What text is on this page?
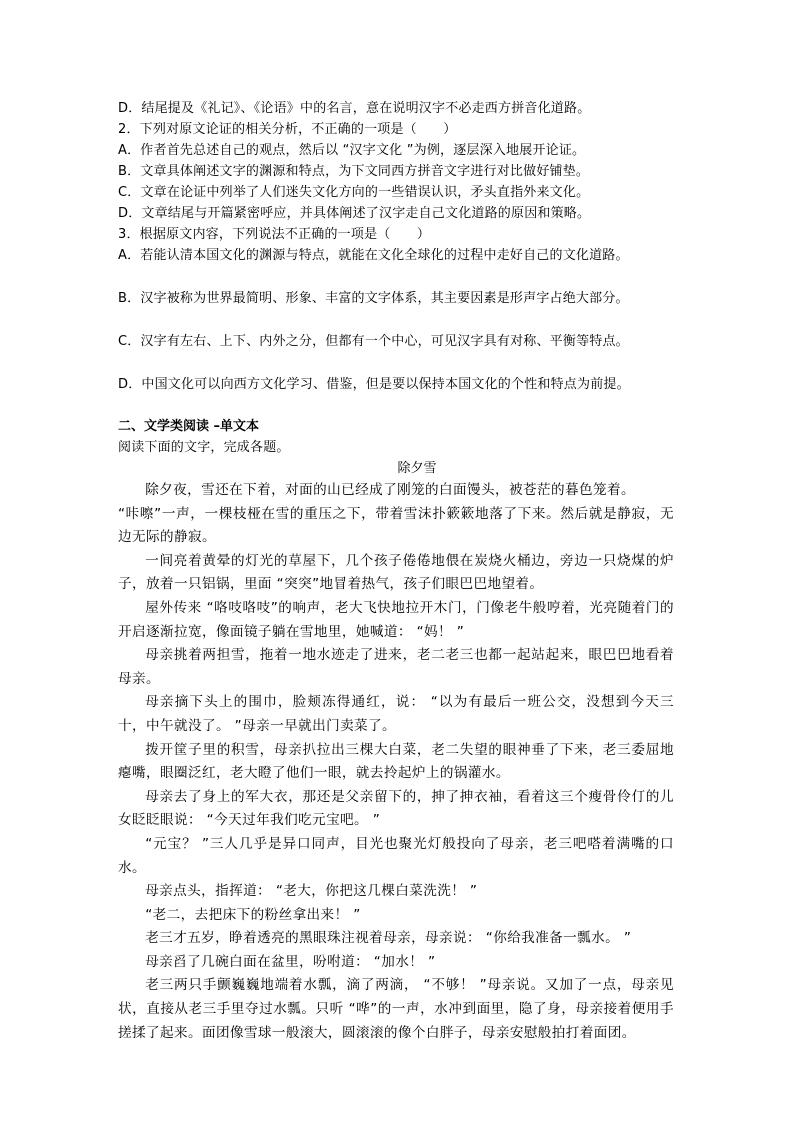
D．结尾提及《礼记》、《论语》中的名言，意在说明汉字不必走西方拼音化道路。
2．下列对原文论证的相关分析，不正确的一项是（　　）
A．作者首先总述自己的观点，然后以 “汉字文化 ”为例，逐层深入地展开论证。
B．文章具体阐述文字的渊源和特点，为下文同西方拼音文字进行对比做好铺垫。
C．文章在论证中列举了人们迷失文化方向的一些错误认识，矛头直指外来文化。
D．文章结尾与开篇紧密呼应，并具体阐述了汉字走自己文化道路的原因和策略。
3．根据原文内容，下列说法不正确的一项是（　　）
A．若能认清本国文化的渊源与特点，就能在文化全球化的过程中走好自己的文化道路。
B．汉字被称为世界最简明、形象、丰富的文字体系，其主要因素是形声字占绝大部分。
C．汉字有左右、上下、内外之分，但都有一个中心，可见汉字具有对称、平衡等特点。
D．中国文化可以向西方文化学习、借鉴，但是要以保持本国文化的个性和特点为前提。
二、文学类阅读 –单文本
阅读下面的文字，完成各题。
除夕雪

除夕夜，雪还在下着，对面的山已经成了刚笼的白面馒头，被苍茫的暮色笼着。

“咔嚓”一声，一棵枝桠在雪的重压之下，带着雪沫扑簌簌地落了下来。然后就是静寂，无边无际的静寂。

一间亮着黄晕的灯光的草屋下，几个孩子倦倦地偎在炭烧火桶边，旁边一只烧煤的炉子，放着一只铝锅，里面 “突突”地冒着热气，孩子们眼巴巴地望着。

屋外传来 “咯吱咯吱”的响声，老大飞快地拉开木门，门像老牛般哼着，光亮随着门的开启逐渐拉宽，像面镜子躺在雪地里，她喊道： “妈！ ”

母亲挑着两担雪，拖着一地水迹走了进来，老二老三也都一起站起来，眼巴巴地看着母亲。

母亲摘下头上的围巾，脸颊冻得通红，说： “以为有最后一班公交，没想到今天三十，中午就没了。 ”母亲一早就出门卖菜了。

拨开筐子里的积雪，母亲扒拉出三棵大白菜，老二失望的眼神垂了下来，老三委屈地瘪嘴，眼圈泛红，老大瞪了他们一眼，就去拎起炉上的锅灌水。

母亲去了身上的军大衣，那还是父亲留下的，抻了抻衣袖，看着这三个瘦骨伶仃的儿女眨眨眼说： “今天过年我们吃元宝吧。 ”

“元宝？ ”三人几乎是异口同声，目光也聚光灯般投向了母亲，老三吧嗒着满嘴的口水。

母亲点头，指挥道： “老大，你把这几棵白菜洗洗！ ”

“老二，去把床下的粉丝拿出来！ ”

老三才五岁，睁着透亮的黑眼珠注视着母亲，母亲说： “你给我准备一瓢水。 ”

母亲舀了几碗白面在盆里，吩咐道： “加水！ ”

老三两只手颤巍巍地端着水瓢，滴了两滴， “不够！ ”母亲说。又加了一点，母亲见状，直接从老三手里夺过水瓢。只听 “哗”的一声，水冲到面里，隐了身，母亲接着便用手搓揉了起来。面团像雪球一般滚大，圆滚滚的像个白胖子，母亲安慰般拍打着面团。
